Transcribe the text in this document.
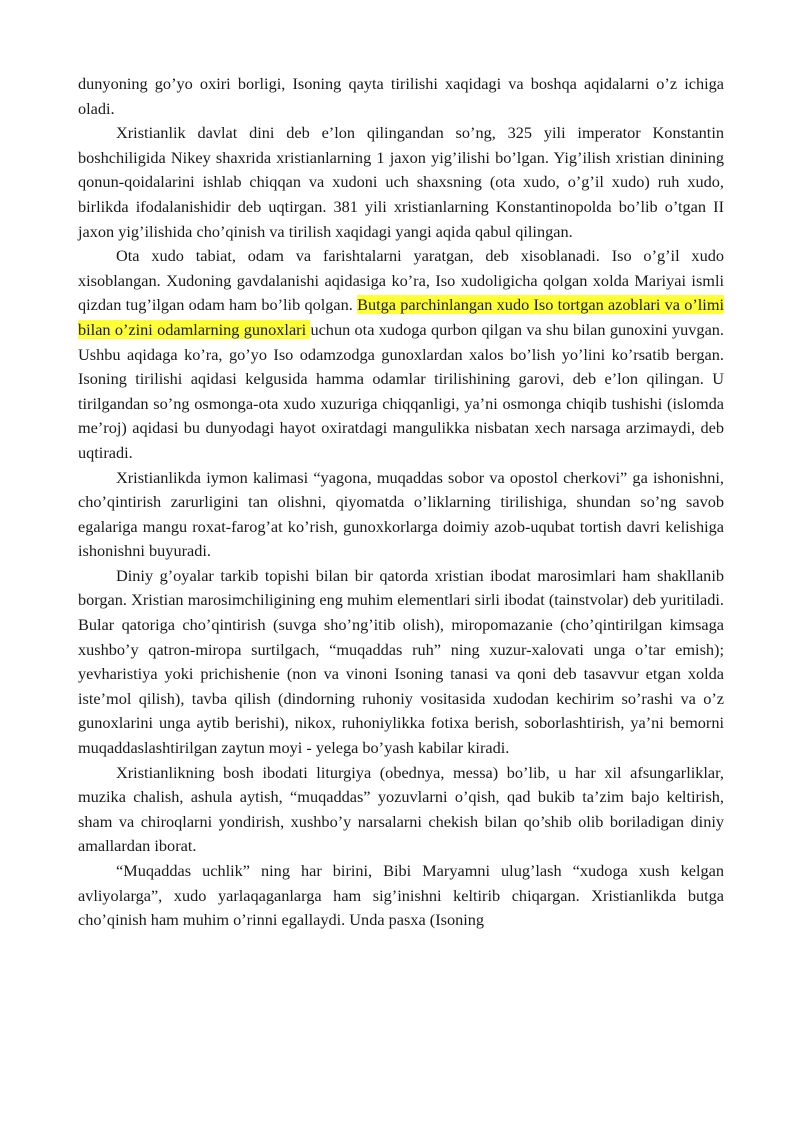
dunyoning go’yo oxiri borligi, Isoning qayta tirilishi xaqidagi va boshqa aqidalarni o’z ichiga oladi.

Xristianlik davlat dini deb e’lon qilingandan so’ng, 325 yili imperator Konstantin boshchiligida Nikey shaxrida xristianlarning 1 jaxon yig’ilishi bo’lgan. Yig’ilish xristian dinining qonun-qoidalarini ishlab chiqqan va xudoni uch shaxsning (ota xudo, o’g’il xudo) ruh xudo, birlikda ifodalanishidir deb uqtirgan. 381 yili xristianlarning Konstantinopolda bo’lib o’tgan II jaxon yig’ilishida cho’qinish va tirilish xaqidagi yangi aqida qabul qilingan.

Ota xudo tabiat, odam va farishtalarni yaratgan, deb xisoblanadi. Iso o’g’il xudo xisoblangan. Xudoning gavdalanishi aqidasiga ko’ra, Iso xudoligicha qolgan xolda Mariyai ismli qizdan tug’ilgan odam ham bo’lib qolgan. Butga parchinlangan xudo Iso tortgan azoblari va o’limi bilan o’zini odamlarning gunoxlari uchun ota xudoga qurbon qilgan va shu bilan gunoxini yuvgan. Ushbu aqidaga ko’ra, go’yo Iso odamzodga gunoxlardan xalos bo’lish yo’lini ko’rsatib bergan. Isoning tirilishi aqidasi kelgusida hamma odamlar tirilishining garovi, deb e’lon qilingan. U tirilgandan so’ng osmonga-ota xudo xuzuriga chiqqanligi, ya’ni osmonga chiqib tushishi (islomda me’roj) aqidasi bu dunyodagi hayot oxiratdagi mangulikka nisbatan xech narsaga arzimaydi, deb uqtiradi.

Xristianlikda iymon kalimasi “yagona, muqaddas sobor va opostol cherkovi” ga ishonishni, cho’qintirish zarurligini tan olishni, qiyomatda o’liklarning tirilishiga, shundan so’ng savob egalariga mangu roxat-farog’at ko’rish, gunoxkorlarga doimiy azob-uqubat tortish davri kelishiga ishonishni buyuradi.

Diniy g’oyalar tarkib topishi bilan bir qatorda xristian ibodat marosimlari ham shakllanib borgan. Xristian marosimchiligining eng muhim elementlari sirli ibodat (tainstvolar) deb yuritiladi. Bular qatoriga cho’qintirish (suvga sho’ng’itib olish), miropomazanie (cho’qintirilgan kimsaga xushbo’y qatron-miropa surtilgach, “muqaddas ruh” ning xuzur-xalovati unga o’tar emish); yevharistiya yoki prichishenie (non va vinoni Isoning tanasi va qoni deb tasavvur etgan xolda iste’mol qilish), tavba qilish (dindorning ruhoniy vositasida xudodan kechirim so’rashi va o’z gunoxlarini unga aytib berishi), nikox, ruhoniylikka fotixa berish, soborlashtirish, ya’ni bemorni muqaddaslashtirilgan zaytun moyi - yelega bo’yash kabilar kiradi.

Xristianlikning bosh ibodati liturgiya (obednya, messa) bo’lib, u har xil afsungarliklar, muzika chalish, ashula aytish, “muqaddas” yozuvlarni o’qish, qad bukib ta’zim bajo keltirish, sham va chiroqlarni yondirish, xushbo’y narsalarni chekish bilan qo’shib olib boriladigan diniy amallardan iborat.

“Muqaddas uchlik” ning har birini, Bibi Maryamni ulug’lash “xudoga xush kelgan avliyolarga”, xudo yarlaqaganlarga ham sig’inishni keltirib chiqargan. Xristianlikda butga cho’qinish ham muhim o’rinni egallaydi. Unda pasxa (Isoning
